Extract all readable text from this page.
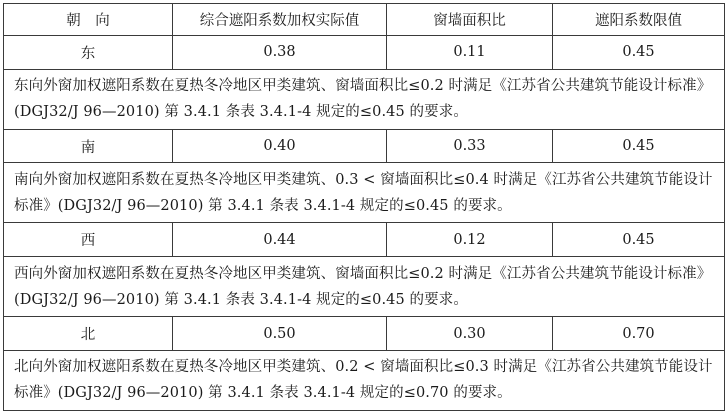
朝　向	综合遮阳系数加权实际值	窗墙面积比	遮阳系数限值
东	0.38	0.11	0.45
东向外窗加权遮阳系数在夏热冬冷地区甲类建筑、窗墙面积比≤0.2 时满足《江苏省公共建筑节能设计标准》(DGJ32/J 96—2010) 第 3.4.1 条表 3.4.1-4 规定的≤0.45 的要求。			
南	0.40	0.33	0.45
南向外窗加权遮阳系数在夏热冬冷地区甲类建筑、0.3 < 窗墙面积比≤0.4 时满足《江苏省公共建筑节能设计标准》(DGJ32/J 96—2010) 第 3.4.1 条表 3.4.1-4 规定的≤0.45 的要求。			
西	0.44	0.12	0.45
西向外窗加权遮阳系数在夏热冬冷地区甲类建筑、窗墙面积比≤0.2 时满足《江苏省公共建筑节能设计标准》(DGJ32/J 96—2010) 第 3.4.1 条表 3.4.1-4 规定的≤0.45 的要求。			
北	0.50	0.30	0.70
北向外窗加权遮阳系数在夏热冬冷地区甲类建筑、0.2 < 窗墙面积比≤0.3 时满足《江苏省公共建筑节能设计标准》(DGJ32/J 96—2010) 第 3.4.1 条表 3.4.1-4 规定的≤0.70 的要求。			
